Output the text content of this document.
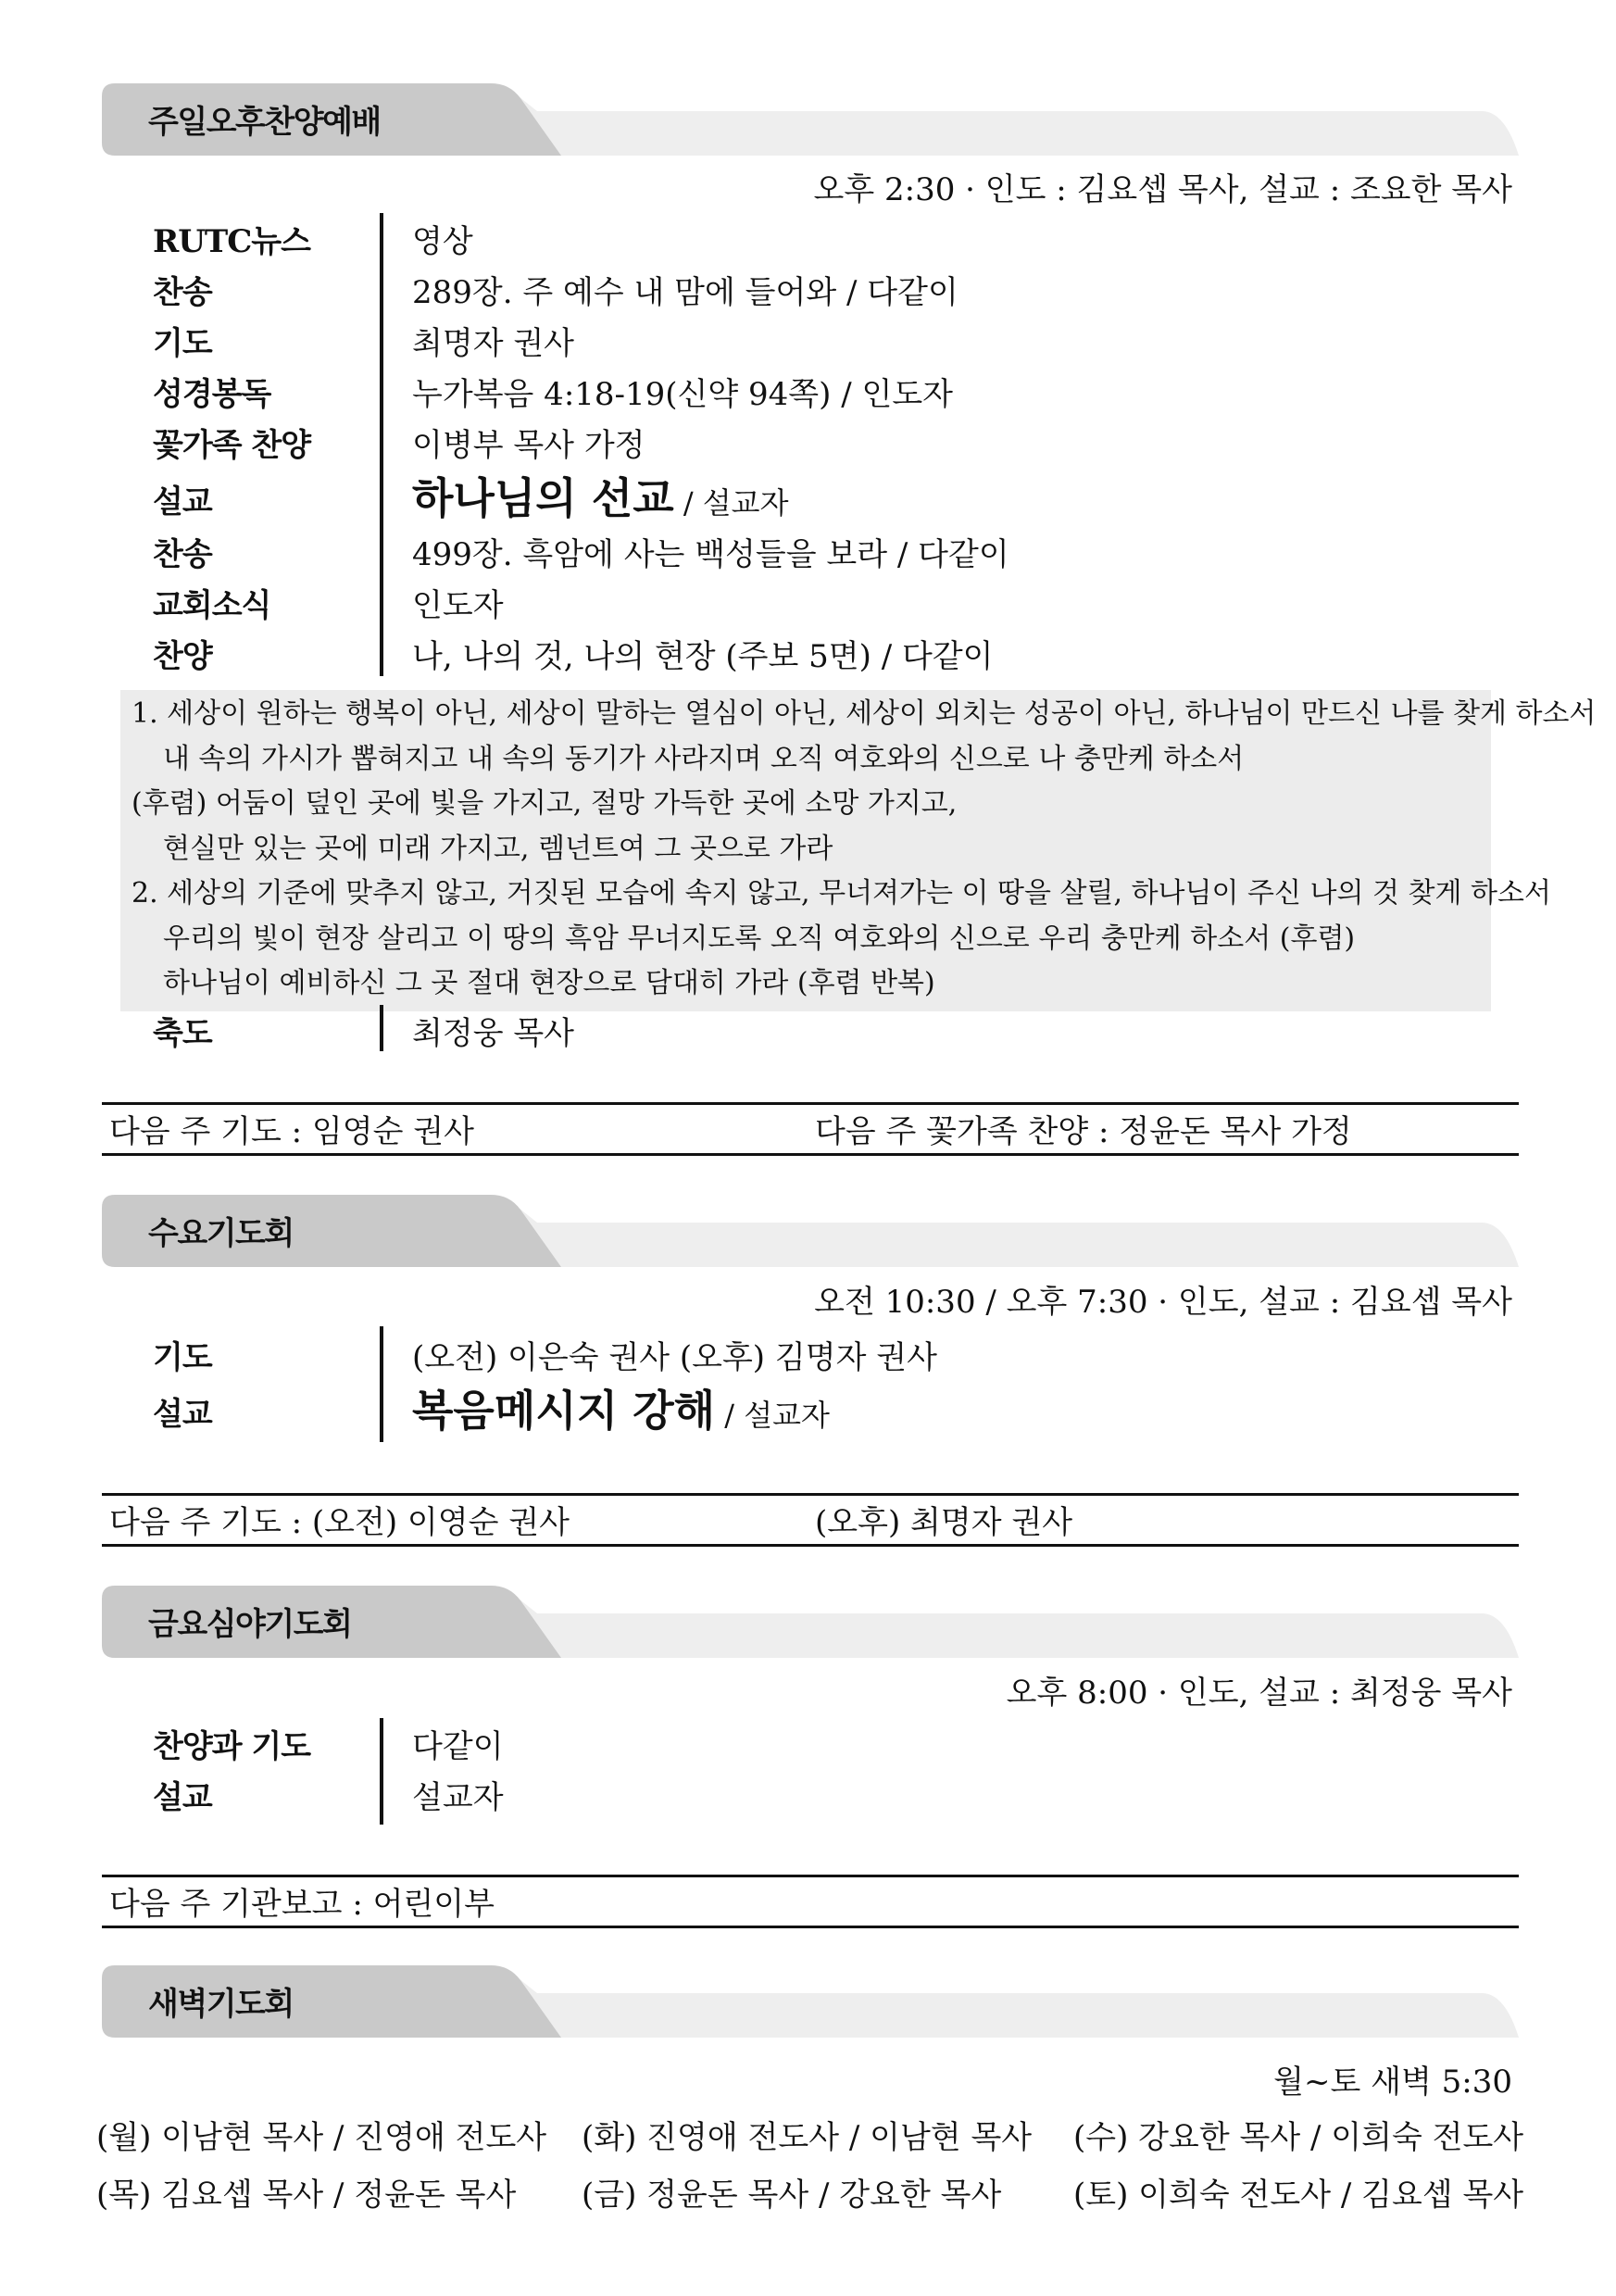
주일오후찬양예배
오후 2:30 · 인도 : 김요셉 목사, 설교 : 조요한 목사
RUTC뉴스	영상
찬송	289장. 주 예수 내 맘에 들어와 / 다같이
기도	최명자 권사
성경봉독	누가복음 4:18-19(신약 94쪽) / 인도자
꽃가족 찬양	이병부 목사 가정
설교	하나님의 선교 / 설교자
찬송	499장. 흑암에 사는 백성들을 보라 / 다같이
교회소식	인도자
찬양	나, 나의 것, 나의 현장 (주보 5면) / 다같이
1. 세상이 원하는 행복이 아닌, 세상이 말하는 열심이 아닌, 세상이 외치는 성공이 아닌, 하나님이 만드신 나를 찾게 하소서
내 속의 가시가 뽑혀지고 내 속의 동기가 사라지며 오직 여호와의 신으로 나 충만케 하소서
(후렴) 어둠이 덮인 곳에 빛을 가지고, 절망 가득한 곳에 소망 가지고,
현실만 있는 곳에 미래 가지고, 렘넌트여 그 곳으로 가라
2. 세상의 기준에 맞추지 않고, 거짓된 모습에 속지 않고, 무너져가는 이 땅을 살릴, 하나님이 주신 나의 것 찾게 하소서
우리의 빛이 현장 살리고 이 땅의 흑암 무너지도록 오직 여호와의 신으로 우리 충만케 하소서 (후렴)
하나님이 예비하신 그 곳 절대 현장으로 담대히 가라 (후렴 반복)
축도	최정웅 목사
다음 주 기도 : 임영순 권사	다음 주 꽃가족 찬양 : 정윤돈 목사 가정
수요기도회
오전 10:30 / 오후 7:30 · 인도, 설교 : 김요셉 목사
기도	(오전) 이은숙 권사 (오후) 김명자 권사
설교	복음메시지 강해 / 설교자
다음 주 기도 : (오전) 이영순 권사	(오후) 최명자 권사
금요심야기도회
오후 8:00 · 인도, 설교 : 최정웅 목사
찬양과 기도	다같이
설교	설교자
다음 주 기관보고 : 어린이부
새벽기도회
월~토 새벽 5:30
(월) 이남현 목사 / 진영애 전도사 (화) 진영애 전도사 / 이남현 목사 (수) 강요한 목사 / 이희숙 전도사
(목) 김요셉 목사 / 정윤돈 목사 (금) 정윤돈 목사 / 강요한 목사 (토) 이희숙 전도사 / 김요셉 목사
